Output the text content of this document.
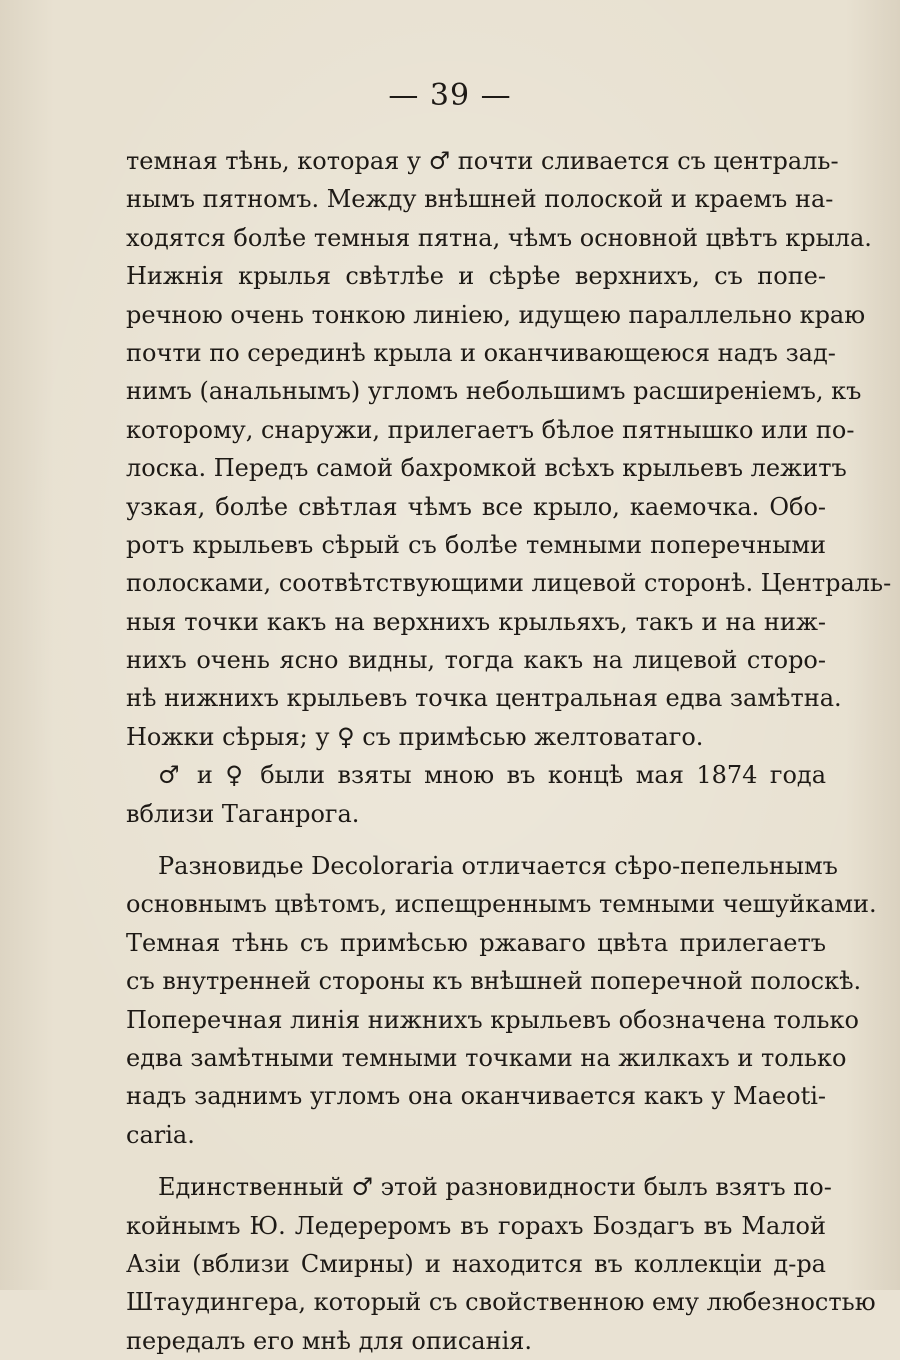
— 39 —
темная тѣнь, которая у ♂ почти сливается съ централь-
нымъ пятномъ. Между внѣшней полоской и краемъ на-
ходятся болѣе темныя пятна, чѣмъ основной цвѣтъ крыла.
Нижнія крылья свѣтлѣе и сѣрѣе верхнихъ, съ попе-
речною очень тонкою линіею, идущею параллельно краю
почти по серединѣ крыла и оканчивающеюся надъ зад-
нимъ (анальнымъ) угломъ небольшимъ расширеніемъ, къ
которому, снаружи, прилегаетъ бѣлое пятнышко или по-
лоска. Передъ самой бахромкой всѣхъ крыльевъ лежитъ
узкая, болѣе свѣтлая чѣмъ все крыло, каемочка. Обо-
ротъ крыльевъ сѣрый съ болѣе темными поперечными
полосками, соотвѣтствующими лицевой сторонѣ. Централь-
ныя точки какъ на верхнихъ крыльяхъ, такъ и на ниж-
нихъ очень ясно видны, тогда какъ на лицевой сторо-
нѣ нижнихъ крыльевъ точка центральная едва замѣтна.
Ножки сѣрыя; у ♀ съ примѣсью желтоватаго.
♂ и ♀ были взяты мною въ концѣ мая 1874 года
вблизи Таганрога.
Разновидье Decolorariа отличается сѣро-пепельнымъ
основнымъ цвѣтомъ, испещреннымъ темными чешуйками.
Темная тѣнь съ примѣсью ржаваго цвѣта прилегаетъ
съ внутренней стороны къ внѣшней поперечной полоскѣ.
Поперечная линія нижнихъ крыльевъ обозначена только
едва замѣтными темными точками на жилкахъ и только
надъ заднимъ угломъ она оканчивается какъ у Maeoti-
cariа.
Единственный ♂ этой разновидности былъ взятъ по-
койнымъ Ю. Ледерeромъ въ горахъ Боздагъ въ Малой
Азіи (вблизи Смирны) и находится въ коллекціи д-ра
Штаудингера, который съ свойственною ему любезностью
передалъ его мнѣ для описанія.
